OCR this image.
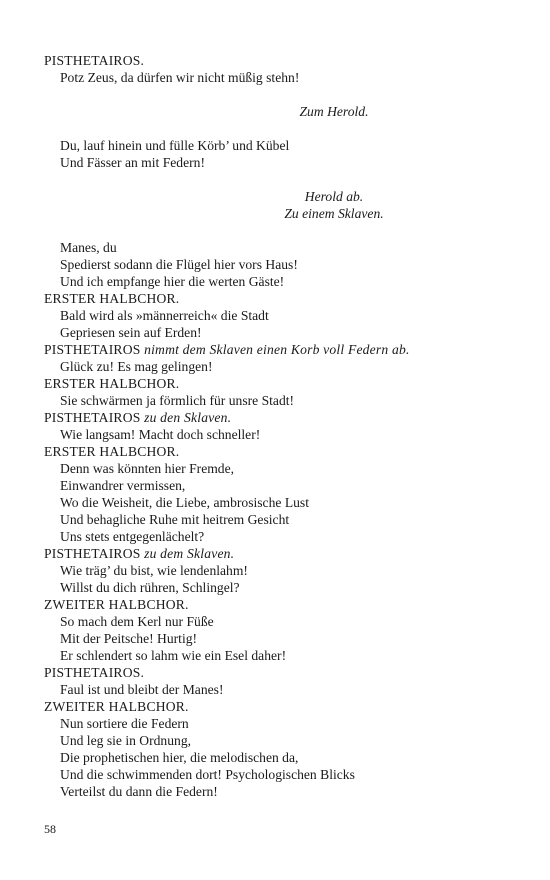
PISTHETAIROS.
Potz Zeus, da dürfen wir nicht müßig stehn!
Zum Herold.
Du, lauf hinein und fülle Körb’ und Kübel
Und Fässer an mit Federn!
Herold ab.
Zu einem Sklaven.
Manes, du
Spedierst sodann die Flügel hier vors Haus!
Und ich empfange hier die werten Gäste!
ERSTER HALBCHOR.
Bald wird als »männerreich« die Stadt
Gepriesen sein auf Erden!
PISTHETAIROS nimmt dem Sklaven einen Korb voll Federn ab.
Glück zu! Es mag gelingen!
ERSTER HALBCHOR.
Sie schwärmen ja förmlich für unsre Stadt!
PISTHETAIROS zu den Sklaven.
Wie langsam! Macht doch schneller!
ERSTER HALBCHOR.
Denn was könnten hier Fremde,
Einwandrer vermissen,
Wo die Weisheit, die Liebe, ambrosische Lust
Und behagliche Ruhe mit heitrem Gesicht
Uns stets entgegenlächelt?
PISTHETAIROS zu dem Sklaven.
Wie träg’ du bist, wie lendenlahm!
Willst du dich rühren, Schlingel?
ZWEITER HALBCHOR.
So mach dem Kerl nur Füße
Mit der Peitsche! Hurtig!
Er schlendert so lahm wie ein Esel daher!
PISTHETAIROS.
Faul ist und bleibt der Manes!
ZWEITER HALBCHOR.
Nun sortiere die Federn
Und leg sie in Ordnung,
Die prophetischen hier, die melodischen da,
Und die schwimmenden dort! Psychologischen Blicks
Verteilst du dann die Federn!
58
